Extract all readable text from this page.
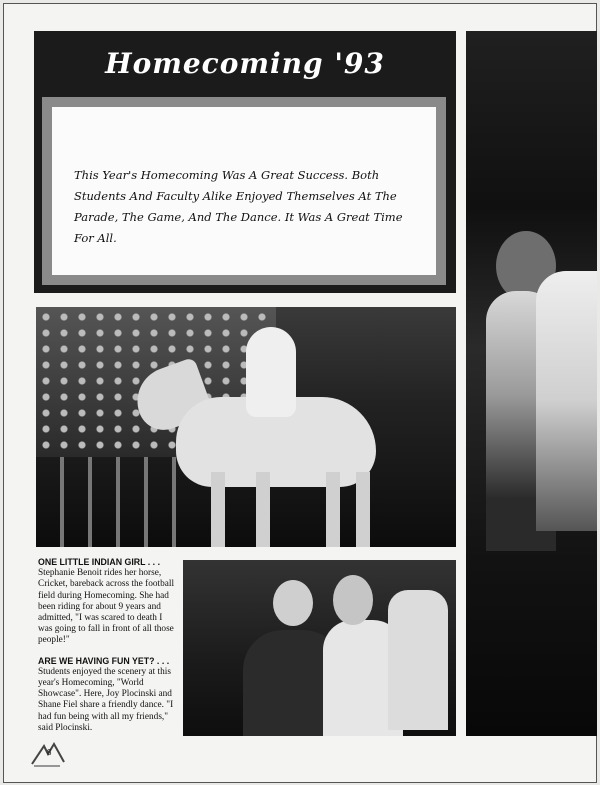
Homecoming '93
This Year's Homecoming Was A Great Success. Both Students And Faculty Alike Enjoyed Themselves At The Parade, The Game, And The Dance. It Was A Great Time For All.
ONE LITTLE INDIAN GIRL . . .
Stephanie Benoit rides her horse, Cricket, bareback across the football field during Homecoming. She had been riding for about 9 years and admitted, "I was scared to death I was going to fall in front of all those people!"
ARE WE HAVING FUN YET? . . .
Students enjoyed the scenery at this year's Homecoming, "World Showcase". Here, Joy Plocinski and Shane Fiel share a friendly dance. "I had fun being with all my friends," said Plocinski.
8
